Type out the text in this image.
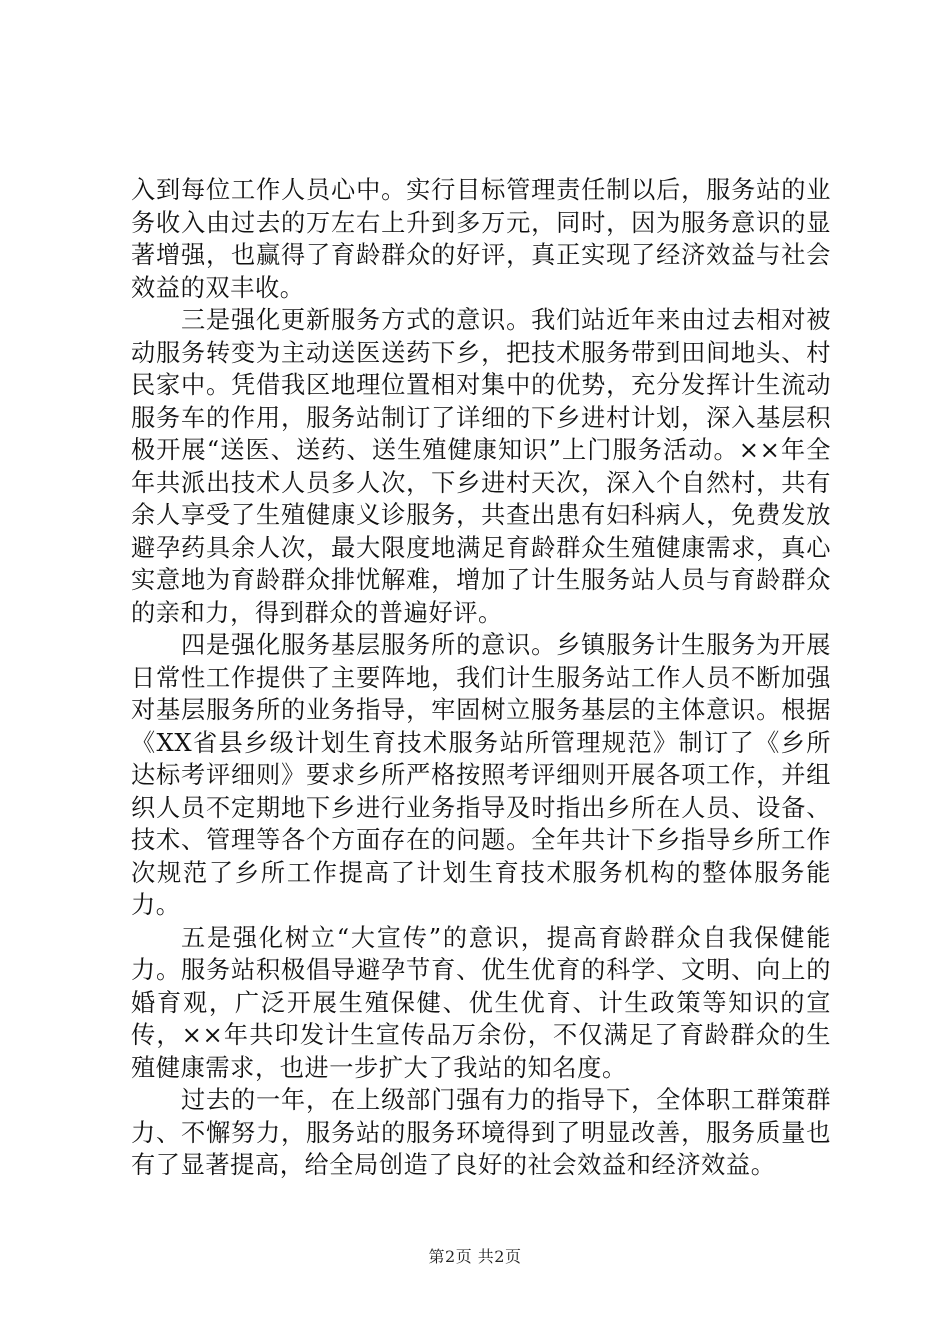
入到每位工作人员心中。实行目标管理责任制以后，服务站的业务收入由过去的万左右上升到多万元，同时，因为服务意识的显著增强，也赢得了育龄群众的好评，真正实现了经济效益与社会效益的双丰收。

三是强化更新服务方式的意识。我们站近年来由过去相对被动服务转变为主动送医送药下乡，把技术服务带到田间地头、村民家中。凭借我区地理位置相对集中的优势，充分发挥计生流动服务车的作用，服务站制订了详细的下乡进村计划，深入基层积极开展“送医、送药、送生殖健康知识”上门服务活动。××年全年共派出技术人员多人次，下乡进村天次，深入个自然村，共有余人享受了生殖健康义诊服务，共查出患有妇科病人，免费发放避孕药具余人次，最大限度地满足育龄群众生殖健康需求，真心实意地为育龄群众排忧解难，增加了计生服务站人员与育龄群众的亲和力，得到群众的普遍好评。

四是强化服务基层服务所的意识。乡镇服务计生服务为开展日常性工作提供了主要阵地，我们计生服务站工作人员不断加强对基层服务所的业务指导，牢固树立服务基层的主体意识。根据《XX省县乡级计划生育技术服务站所管理规范》制订了《乡所达标考评细则》要求乡所严格按照考评细则开展各项工作，并组织人员不定期地下乡进行业务指导及时指出乡所在人员、设备、技术、管理等各个方面存在的问题。全年共计下乡指导乡所工作次规范了乡所工作提高了计划生育技术服务机构的整体服务能力。

五是强化树立“大宣传”的意识，提高育龄群众自我保健能力。服务站积极倡导避孕节育、优生优育的科学、文明、向上的婚育观，广泛开展生殖保健、优生优育、计生政策等知识的宣传，××年共印发计生宣传品万余份，不仅满足了育龄群众的生殖健康需求，也进一步扩大了我站的知名度。

过去的一年，在上级部门强有力的指导下，全体职工群策群力、不懈努力，服务站的服务环境得到了明显改善，服务质量也有了显著提高，给全局创造了良好的社会效益和经济效益。

第2页 共2页
